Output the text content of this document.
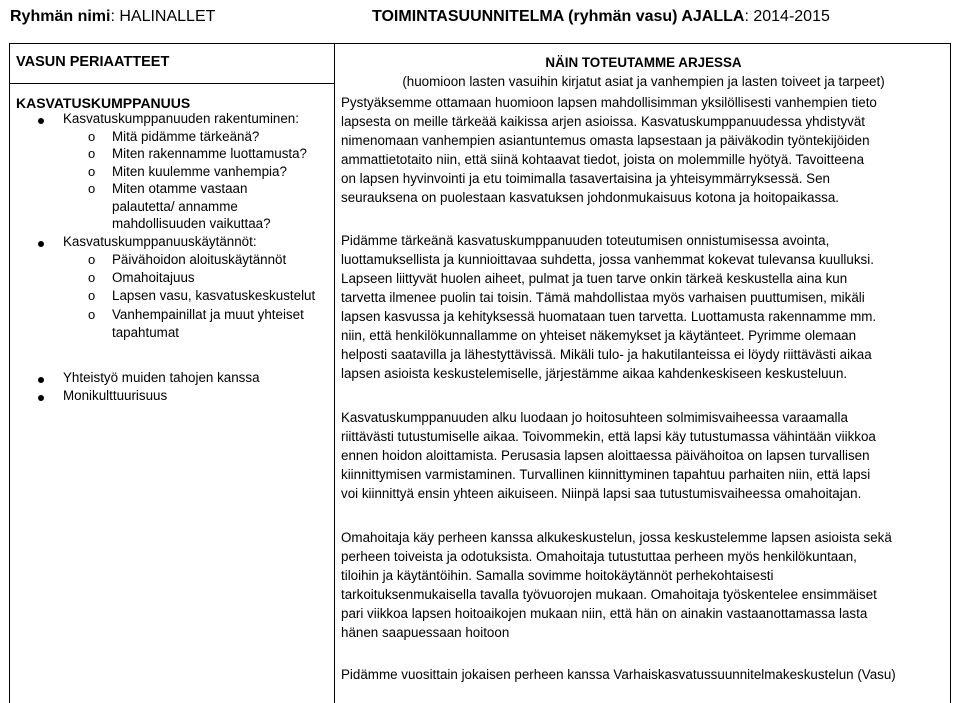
Ryhmän nimi: HALINALLET	TOIMINTASUUNNITELMA (ryhmän vasu) AJALLA: 2014-2015
VASUN PERIAATTEET
KASVATUSKUMPPANUUS
Kasvatuskumppanuuden rakentuminen:
o Mitä pidämme tärkeänä?
o Miten rakennamme luottamusta?
o Miten kuulemme vanhempia?
o Miten otamme vastaan
palautetta/ annamme
mahdollisuuden vaikuttaa?
Kasvatuskumppanuuskäytännöt:
o Päivähoidon aloituskäytännöt
o Omahoitajuus
o Lapsen vasu, kasvatuskeskustelut
o Vanhempainillat ja muut yhteiset
tapahtumat
Yhteistyö muiden tahojen kanssa
Monikulttuurisuus
NÄIN TOTEUTAMME ARJESSA
(huomioon lasten vasuihin kirjatut asiat ja vanhempien ja lasten toiveet ja tarpeet)

Pystyäksemme ottamaan huomioon lapsen mahdollisimman yksilöllisesti vanhempien tieto
lapsesta on meille tärkeää kaikissa arjen asioissa. Kasvatuskumppanuudessa yhdistyvät
nimenomaan vanhempien asiantuntemus omasta lapsestaan ja päiväkodin työntekijöiden
ammattietotaito niin, että siinä kohtaavat tiedot, joista on molemmille hyötyä. Tavoitteena
on lapsen hyvinvointi ja etu toimimalla tasavertaisina ja yhteisymmärryksessä. Sen
seurauksena on puolestaan kasvatuksen johdonmukaisuus kotona ja hoitopaikassa.

Pidämme tärkeänä kasvatuskumppanuuden toteutumisen onnistumisessa avointa,
luottamuksellista ja kunnioittavaa suhdetta, jossa vanhemmat kokevat tulevansa kuulluksi.
Lapseen liittyvät huolen aiheet, pulmat ja tuen tarve onkin tärkeä keskustella aina kun
tarvetta ilmenee puolin tai toisin. Tämä mahdollistaa myös varhaisen puuttumisen, mikäli
lapsen kasvussa ja kehityksessä huomataan tuen tarvetta. Luottamusta rakennamme mm.
niin, että henkilökunnallamme on yhteiset näkemykset ja käytänteet. Pyrimme olemaan
helposti saatavilla ja lähestyttävissä. Mikäli tulo- ja hakutilanteissa ei löydy riittävästi aikaa
lapsen asioista keskustelemiselle, järjestämme aikaa kahdenkeskiseen keskusteluun.

Kasvatuskumppanuuden alku luodaan jo hoitosuhteen solmimisvaiheessa varaamalla
riittävästi tutustumiselle aikaa. Toivommekin, että lapsi käy tutustumassa vähintään viikkoa
ennen hoidon aloittamista. Perusasia lapsen aloittaessa päivähoitoa on lapsen turvallisen
kiinnittymisen varmistaminen. Turvallinen kiinnittyminen tapahtuu parhaiten niin, että lapsi
voi kiinnittyä ensin yhteen aikuiseen. Niinpä lapsi saa tutustumisvaiheessa omahoitajan.

Omahoitaja käy perheen kanssa alkukeskustelun, jossa keskustelemme lapsen asioista sekä
perheen toiveista ja odotuksista. Omahoitaja tutustuttaa perheen myös henkilökuntaan,
tiloihin ja käytäntöihin. Samalla sovimme hoitokäytännöt perhekohtaisesti
tarkoituksenmukaisella tavalla työvuorojen mukaan. Omahoitaja työskentelee ensimmäiset
pari viikkoa lapsen hoitoaikojen mukaan niin, että hän on ainakin vastaanottamassa lasta
hänen saapuessaan hoitoon

Pidämme vuosittain jokaisen perheen kanssa Varhaiskasvatussuunnitelmakeskustelun (Vasu)
